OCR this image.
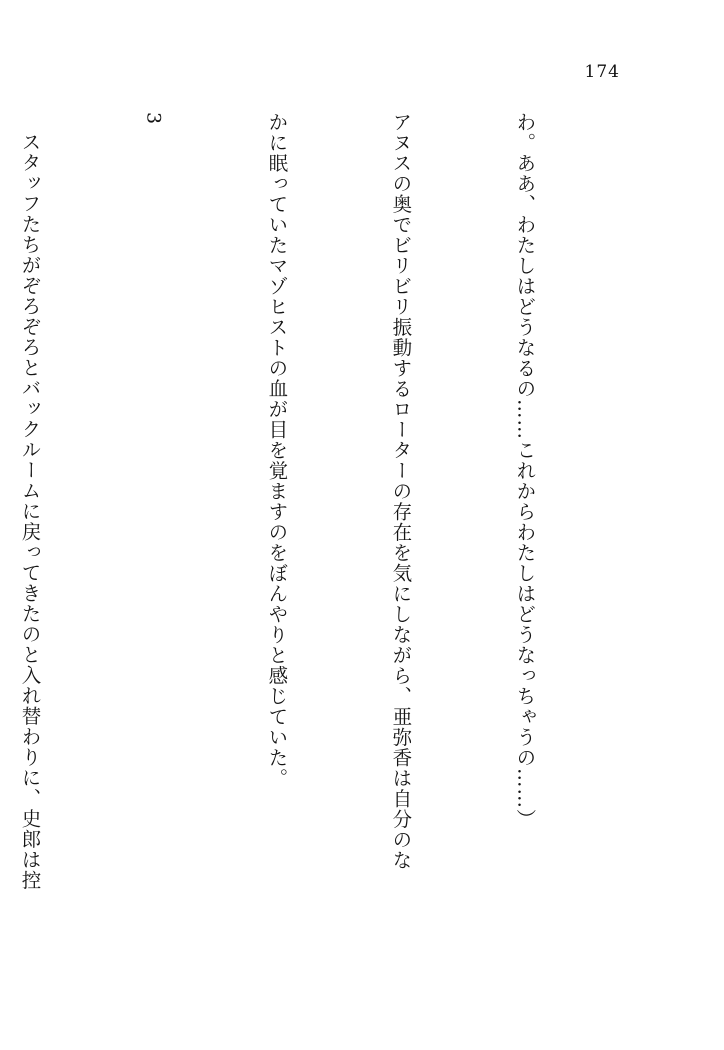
174

わ。ああ、わたしはどうなるの……これからわたしはどうなっちゃうの……）

アヌスの奥でビリビリ振動するローターの存在を気にしながら、亜弥香は自分のな

かに眠っていたマゾヒストの血が目を覚ますのをぼんやりと感じていた。

3

スタッフたちがぞろぞろとバックルームに戻ってきたのと入れ替わりに、史郎は控
